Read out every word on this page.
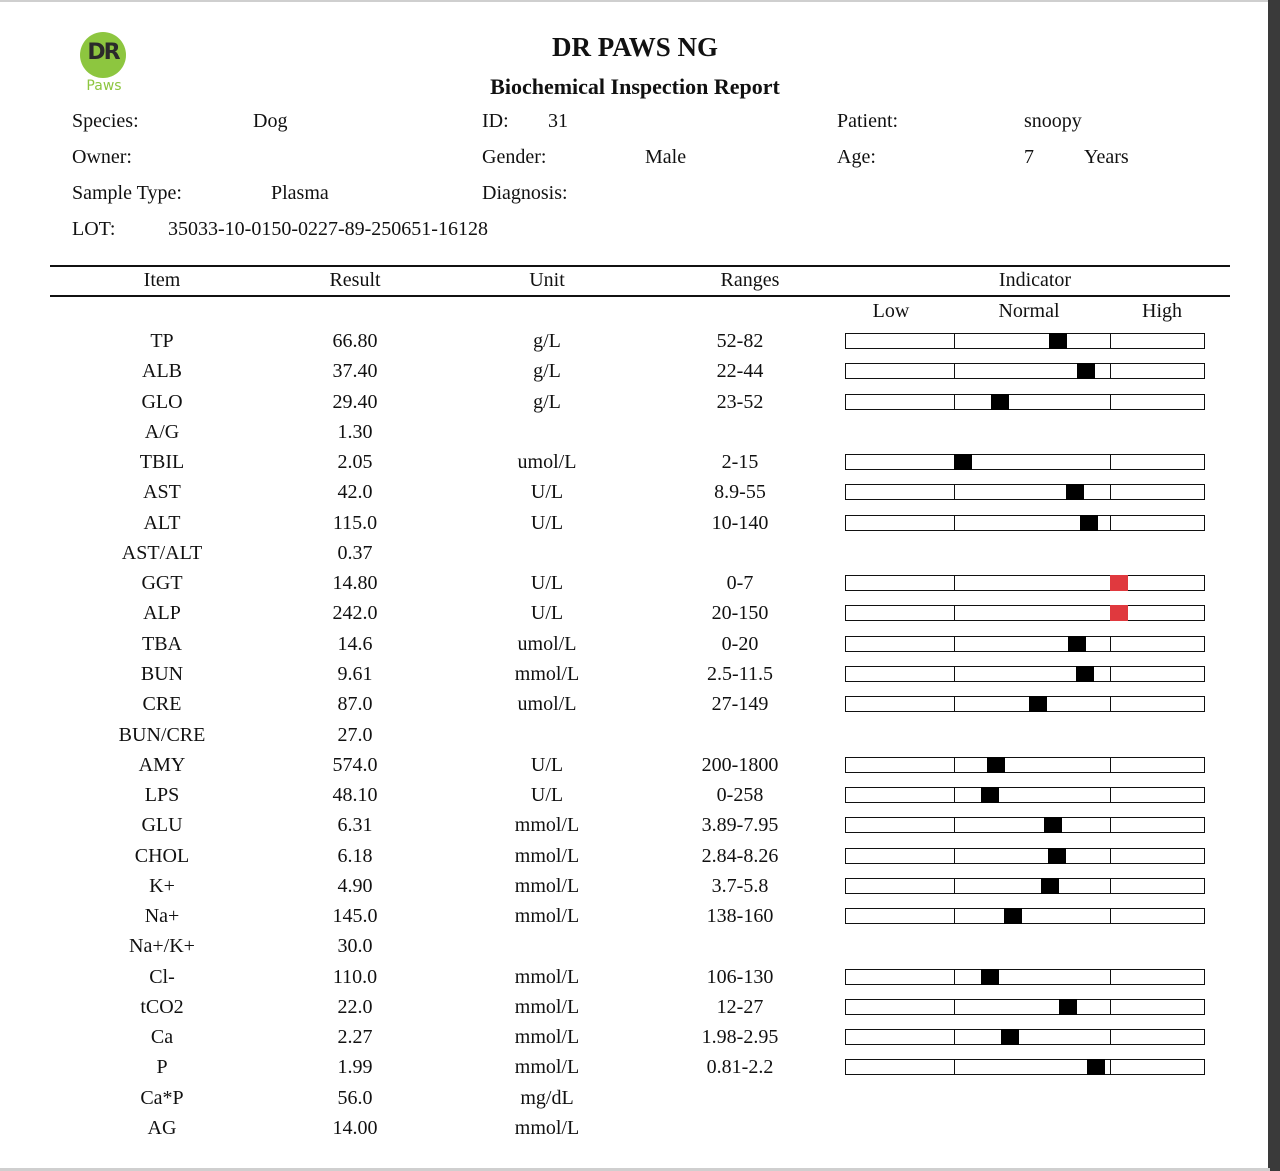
DR
Paws
DR PAWS NG
Biochemical Inspection Report
Species:	Dog	ID: 31	Patient:	snoopy
Owner:	Gender:	Male	Age:	7	Years
Sample Type:	Plasma	Diagnosis:
LOT:	35033-10-0150-0227-89-250651-16128
Item	Result	Unit	Ranges	Indicator
Low	Normal	High
TP	66.80	g/L	52-82
ALB	37.40	g/L	22-44
GLO	29.40	g/L	23-52
A/G	1.30
TBIL	2.05	umol/L	2-15
AST	42.0	U/L	8.9-55
ALT	115.0	U/L	10-140
AST/ALT	0.37
GGT	14.80	U/L	0-7
ALP	242.0	U/L	20-150
TBA	14.6	umol/L	0-20
BUN	9.61	mmol/L	2.5-11.5
CRE	87.0	umol/L	27-149
BUN/CRE	27.0
AMY	574.0	U/L	200-1800
LPS	48.10	U/L	0-258
GLU	6.31	mmol/L	3.89-7.95
CHOL	6.18	mmol/L	2.84-8.26
K+	4.90	mmol/L	3.7-5.8
Na+	145.0	mmol/L	138-160
Na+/K+	30.0
Cl-	110.0	mmol/L	106-130
tCO2	22.0	mmol/L	12-27
Ca	2.27	mmol/L	1.98-2.95
P	1.99	mmol/L	0.81-2.2
Ca*P	56.0	mg/dL
AG	14.00	mmol/L
